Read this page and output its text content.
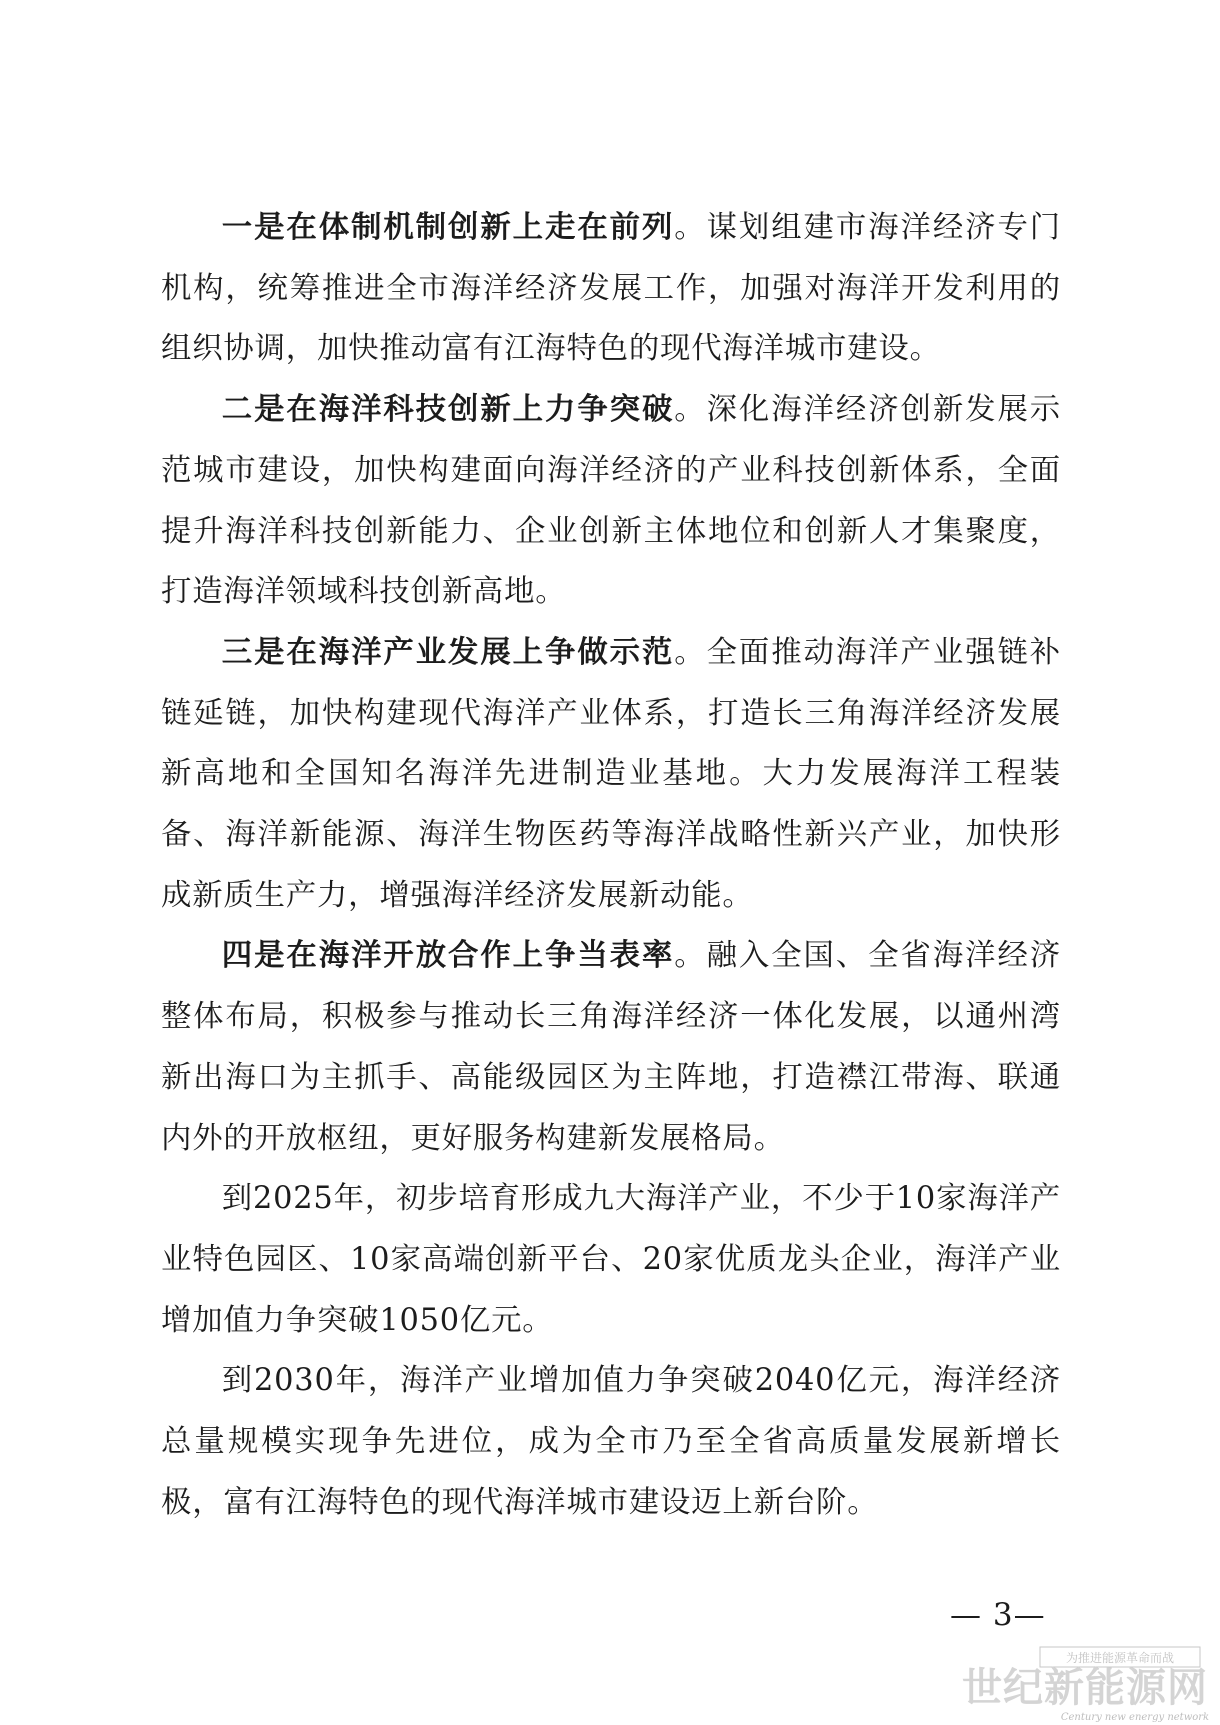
一是在体制机制创新上走在前列。谋划组建市海洋经济专门机构，统筹推进全市海洋经济发展工作，加强对海洋开发利用的组织协调，加快推动富有江海特色的现代海洋城市建设。

二是在海洋科技创新上力争突破。深化海洋经济创新发展示范城市建设，加快构建面向海洋经济的产业科技创新体系，全面提升海洋科技创新能力、企业创新主体地位和创新人才集聚度，打造海洋领域科技创新高地。

三是在海洋产业发展上争做示范。全面推动海洋产业强链补链延链，加快构建现代海洋产业体系，打造长三角海洋经济发展新高地和全国知名海洋先进制造业基地。大力发展海洋工程装备、海洋新能源、海洋生物医药等海洋战略性新兴产业，加快形成新质生产力，增强海洋经济发展新动能。

四是在海洋开放合作上争当表率。融入全国、全省海洋经济整体布局，积极参与推动长三角海洋经济一体化发展，以通州湾新出海口为主抓手、高能级园区为主阵地，打造襟江带海、联通内外的开放枢纽，更好服务构建新发展格局。

到2025年，初步培育形成九大海洋产业，不少于10家海洋产业特色园区、10家高端创新平台、20家优质龙头企业，海洋产业增加值力争突破1050亿元。

到2030年，海洋产业增加值力争突破2040亿元，海洋经济总量规模实现争先进位，成为全市乃至全省高质量发展新增长极，富有江海特色的现代海洋城市建设迈上新台阶。

— 3—
为推进能源革命而战
世纪新能源网
Century new energy network
